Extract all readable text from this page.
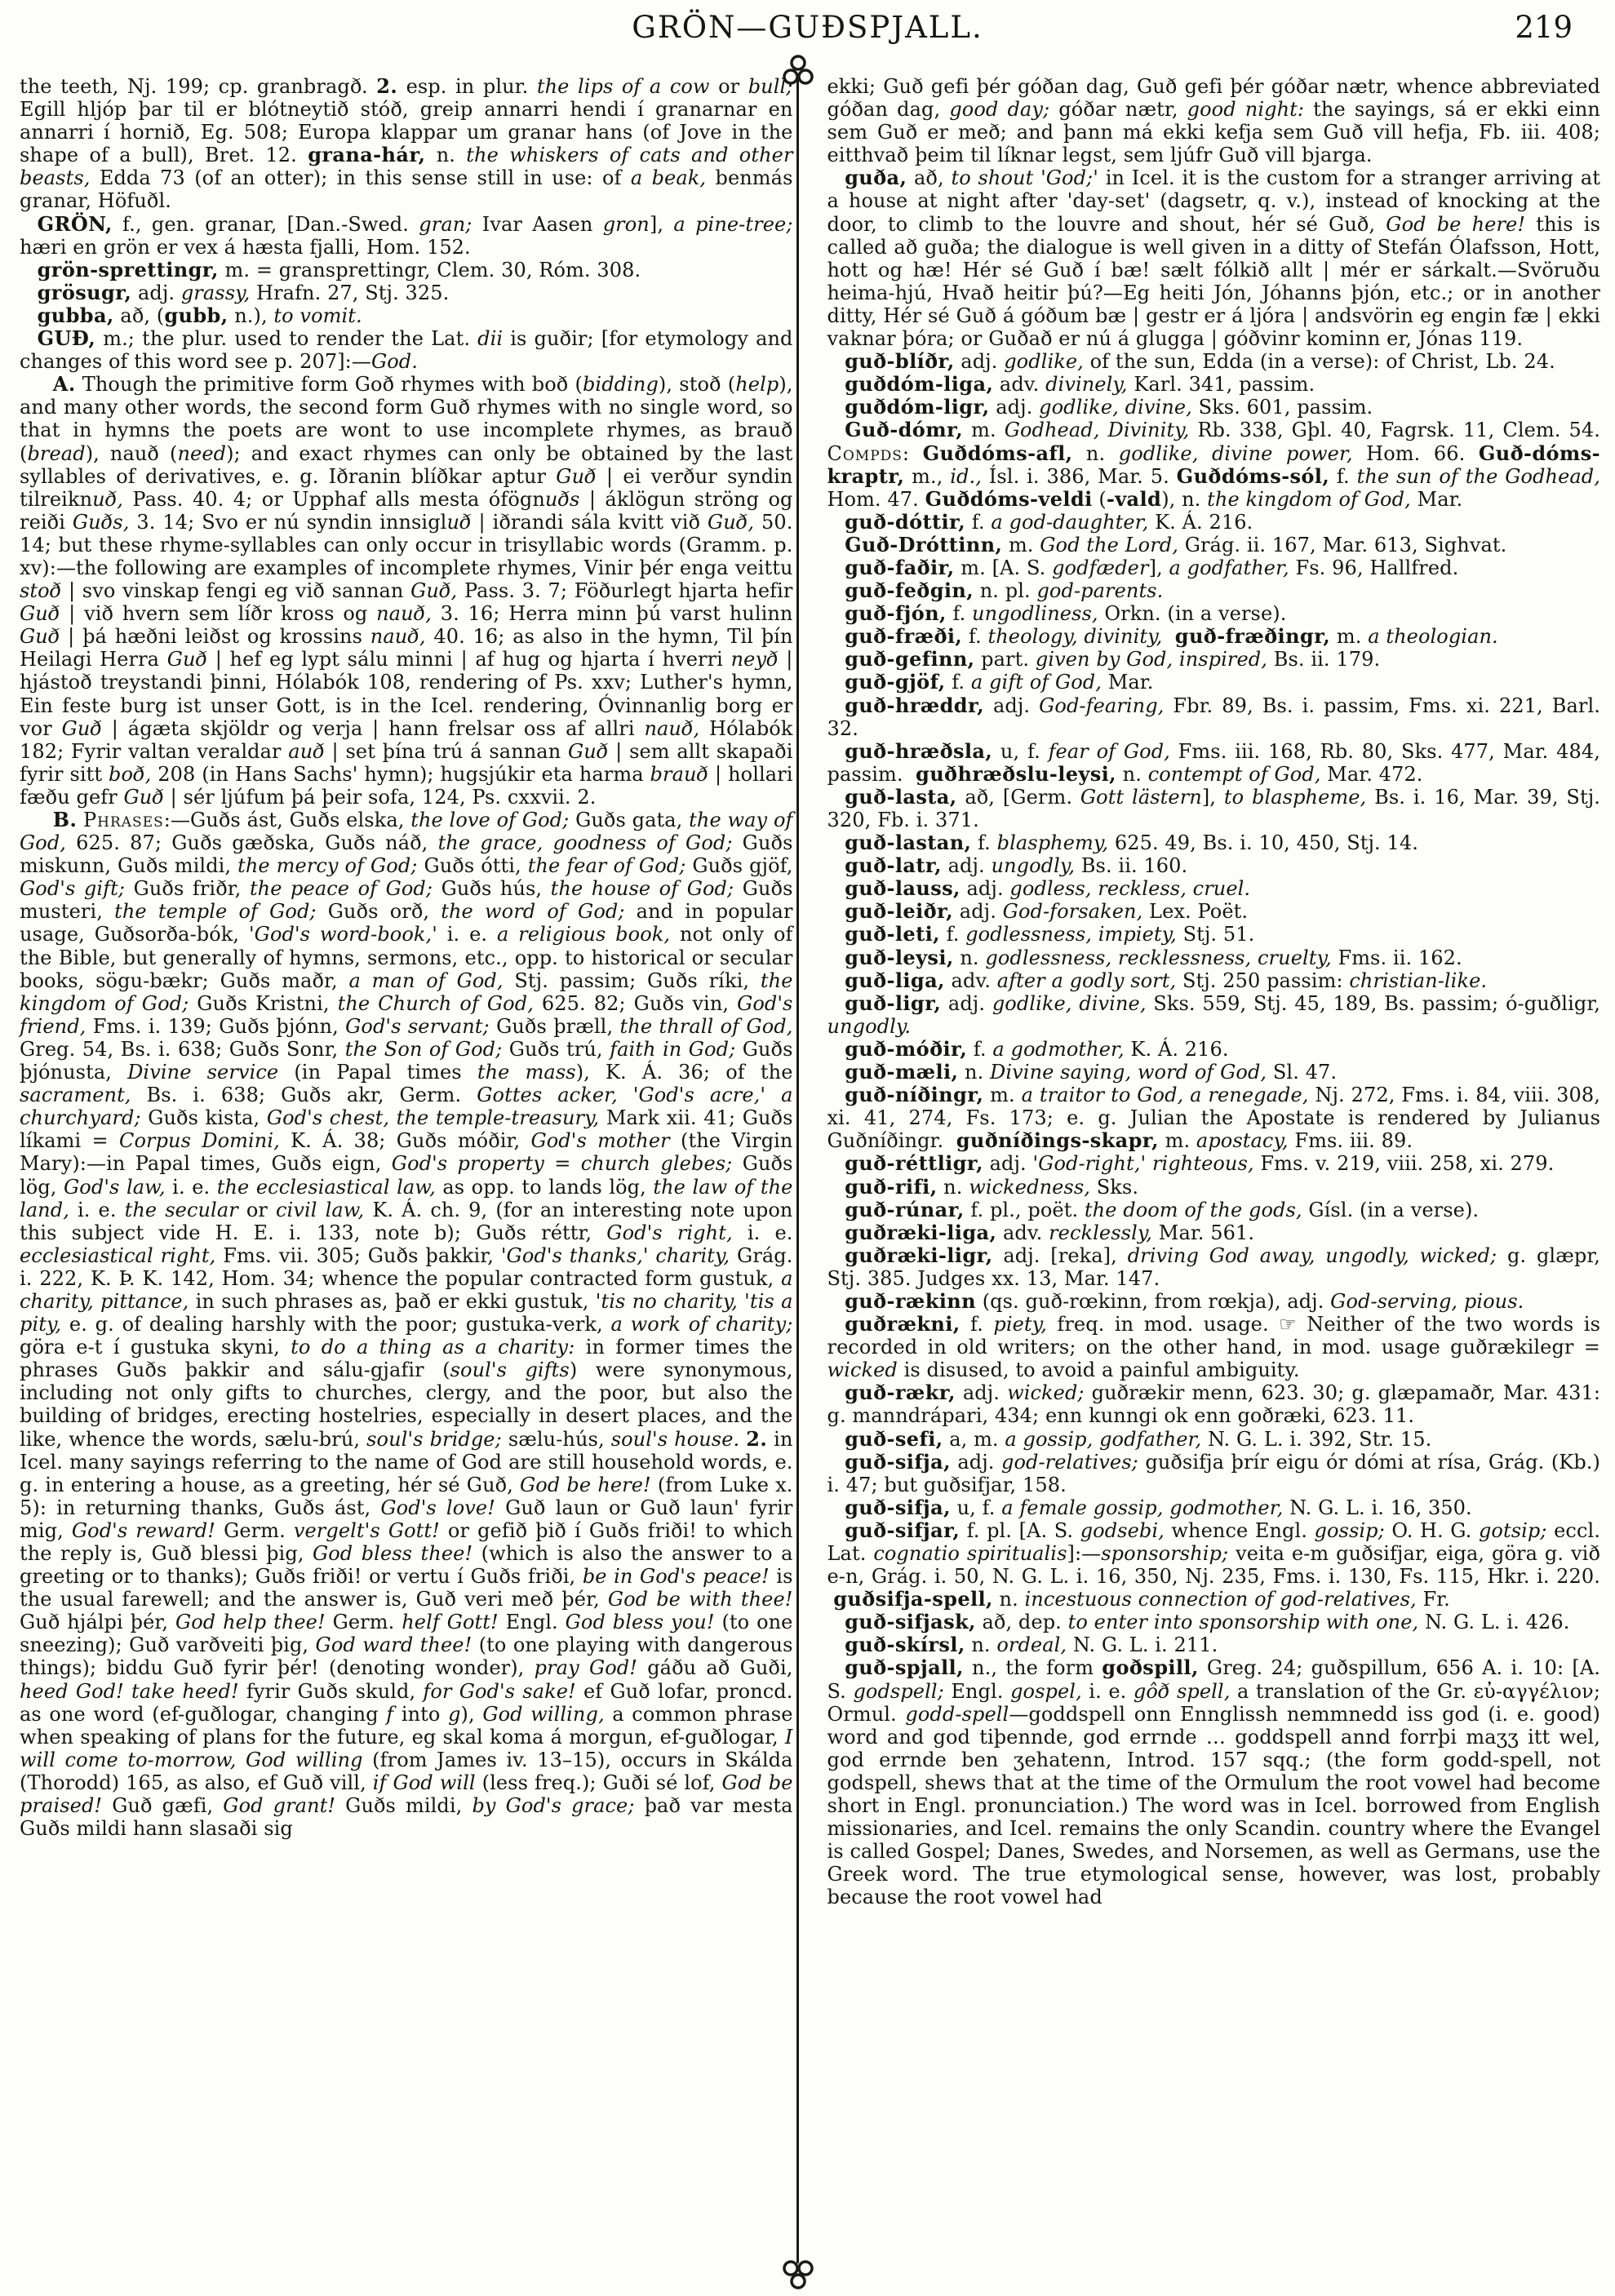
GRÖN—GUÐSPJALL.	219

the teeth, Nj. 199; cp. granbragð. 2. esp. in plur. the lips of a cow or bull; Egill hljóp þar til er blótneytið stóð, greip annarri hendi í granarnar en annarri í hornið, Eg. 508; Europa klappar um granar hans (of Jove in the shape of a bull), Bret. 12. grana-hár, n. the whiskers of cats and other beasts, Edda 73 (of an otter); in this sense still in use: of a beak, benmás granar, Höfuðl.

GRÖN, f., gen. granar, [Dan.-Swed. gran; Ivar Aasen gron], a pine-tree; hæri en grön er vex á hæsta fjalli, Hom. 152.

grön-sprettingr, m. = gransprettingr, Clem. 30, Róm. 308.

grösugr, adj. grassy, Hrafn. 27, Stj. 325.

gubba, að, (gubb, n.), to vomit.

GUÐ, m.; the plur. used to render the Lat. dii is guðir; [for etymology and changes of this word see p. 207]:—God.

A. Though the primitive form Goð rhymes with boð (bidding), stoð (help), and many other words, the second form Guð rhymes with no single word, so that in hymns the poets are wont to use incomplete rhymes, as brauð (bread), nauð (need); and exact rhymes can only be obtained by the last syllables of derivatives, e. g. Iðranin blíðkar aptur Guð | ei verður syndin tilreiknuð, Pass. 40. 4; or Upphaf alls mesta ófögnuðs | áklögun ströng og reiði Guðs, 3. 14; Svo er nú syndin innsigluð | iðrandi sála kvitt við Guð, 50. 14; but these rhyme-syllables can only occur in trisyllabic words (Gramm. p. xv):—the following are examples of incomplete rhymes, Vinir þér enga veittu stoð | svo vinskap fengi eg við sannan Guð, Pass. 3. 7; Föðurlegt hjarta hefir Guð | við hvern sem líðr kross og nauð, 3. 16; Herra minn þú varst hulinn Guð | þá hæðni leiðst og krossins nauð, 40. 16; as also in the hymn, Til þín Heilagi Herra Guð | hef eg lypt sálu minni | af hug og hjarta í hverri neyð | hjástoð treystandi þinni, Hólabók 108, rendering of Ps. xxv; Luther's hymn, Ein feste burg ist unser Gott, is in the Icel. rendering, Óvinnanlig borg er vor Guð | ágæta skjöldr og verja | hann frelsar oss af allri nauð, Hólabók 182; Fyrir valtan veraldar auð | set þína trú á sannan Guð | sem allt skapaði fyrir sitt boð, 208 (in Hans Sachs' hymn); hugsjúkir eta harma brauð | hollari fæðu gefr Guð | sér ljúfum þá þeir sofa, 124, Ps. cxxvii. 2.

B. Phrases:—Guðs ást, Guðs elska, the love of God; Guðs gata, the way of God, 625. 87; Guðs gæðska, Guðs náð, the grace, goodness of God; Guðs miskunn, Guðs mildi, the mercy of God; Guðs ótti, the fear of God; Guðs gjöf, God's gift; Guðs friðr, the peace of God; Guðs hús, the house of God; Guðs musteri, the temple of God; Guðs orð, the word of God; and in popular usage, Guðsorða-bók, 'God's word-book,' i. e. a religious book, not only of the Bible, but generally of hymns, sermons, etc., opp. to historical or secular books, sögu-bækr; Guðs maðr, a man of God, Stj. passim; Guðs ríki, the kingdom of God; Guðs Kristni, the Church of God, 625. 82; Guðs vin, God's friend, Fms. i. 139; Guðs þjónn, God's servant; Guðs þræll, the thrall of God, Greg. 54, Bs. i. 638; Guðs Sonr, the Son of God; Guðs trú, faith in God; Guðs þjónusta, Divine service (in Papal times the mass), K. Á. 36; of the sacrament, Bs. i. 638; Guðs akr, Germ. Gottes acker, 'God's acre,' a churchyard; Guðs kista, God's chest, the temple-treasury, Mark xii. 41; Guðs líkami = Corpus Domini, K. Á. 38; Guðs móðir, God's mother (the Virgin Mary):—in Papal times, Guðs eign, God's property = church glebes; Guðs lög, God's law, i. e. the ecclesiastical law, as opp. to lands lög, the law of the land, i. e. the secular or civil law, K. Á. ch. 9, (for an interesting note upon this subject vide H. E. i. 133, note b); Guðs réttr, God's right, i. e. ecclesiastical right, Fms. vii. 305; Guðs þakkir, 'God's thanks,' charity, Grág. i. 222, K. Þ. K. 142, Hom. 34; whence the popular contracted form gustuk, a charity, pittance, in such phrases as, það er ekki gustuk, 'tis no charity, 'tis a pity, e. g. of dealing harshly with the poor; gustuka-verk, a work of charity; göra e-t í gustuka skyni, to do a thing as a charity: in former times the phrases Guðs þakkir and sálu-gjafir (soul's gifts) were synonymous, including not only gifts to churches, clergy, and the poor, but also the building of bridges, erecting hostelries, especially in desert places, and the like, whence the words, sælu-brú, soul's bridge; sælu-hús, soul's house. 2. in Icel. many sayings referring to the name of God are still household words, e. g. in entering a house, as a greeting, hér sé Guð, God be here! (from Luke x. 5): in returning thanks, Guðs ást, God's love! Guð laun or Guð laun' fyrir mig, God's reward! Germ. vergelt's Gott! or gefið þið í Guðs friði! to which the reply is, Guð blessi þig, God bless thee! (which is also the answer to a greeting or to thanks); Guðs friði! or vertu í Guðs friði, be in God's peace! is the usual farewell; and the answer is, Guð veri með þér, God be with thee! Guð hjálpi þér, God help thee! Germ. helf Gott! Engl. God bless you! (to one sneezing); Guð varðveiti þig, God ward thee! (to one playing with dangerous things); biddu Guð fyrir þér! (denoting wonder), pray God! gáðu að Guði, heed God! take heed! fyrir Guðs skuld, for God's sake! ef Guð lofar, proncd. as one word (ef-guðlogar, changing f into g), God willing, a common phrase when speaking of plans for the future, eg skal koma á morgun, ef-guðlogar, I will come to-morrow, God willing (from James iv. 13–15), occurs in Skálda (Thorodd) 165, as also, ef Guð vill, if God will (less freq.); Guði sé lof, God be praised! Guð gæfi, God grant! Guðs mildi, by God's grace; það var mesta Guðs mildi hann slasaði sig

ekki; Guð gefi þér góðan dag, Guð gefi þér góðar nætr, whence abbreviated góðan dag, good day; góðar nætr, good night: the sayings, sá er ekki einn sem Guð er með; and þann má ekki kefja sem Guð vill hefja, Fb. iii. 408; eitthvað þeim til líknar legst, sem ljúfr Guð vill bjarga.

guða, að, to shout 'God;' in Icel. it is the custom for a stranger arriving at a house at night after 'day-set' (dagsetr, q. v.), instead of knocking at the door, to climb to the louvre and shout, hér sé Guð, God be here! this is called að guða; the dialogue is well given in a ditty of Stefán Ólafsson, Hott, hott og hæ! Hér sé Guð í bæ! sælt fólkið allt | mér er sárkalt.—Svöruðu heima-hjú, Hvað heitir þú?—Eg heiti Jón, Jóhanns þjón, etc.; or in another ditty, Hér sé Guð á góðum bæ | gestr er á ljóra | andsvörin eg engin fæ | ekki vaknar þóra; or Guðað er nú á glugga | góðvinr kominn er, Jónas 119.

guð-blíðr, adj. godlike, of the sun, Edda (in a verse): of Christ, Lb. 24.

guðdóm-liga, adv. divinely, Karl. 341, passim.

guðdóm-ligr, adj. godlike, divine, Sks. 601, passim.

Guð-dómr, m. Godhead, Divinity, Rb. 338, Gþl. 40, Fagrsk. 11, Clem. 54. Compds: Guðdóms-afl, n. godlike, divine power, Hom. 66. Guð-dóms-kraptr, m., id., Ísl. i. 386, Mar. 5. Guðdóms-sól, f. the sun of the Godhead, Hom. 47. Guðdóms-veldi (-vald), n. the kingdom of God, Mar.

guð-dóttir, f. a god-daughter, K. Á. 216.

Guð-Dróttinn, m. God the Lord, Grág. ii. 167, Mar. 613, Sighvat.

guð-faðir, m. [A. S. godfæder], a godfather, Fs. 96, Hallfred.

guð-feðgin, n. pl. god-parents.

guð-fjón, f. ungodliness, Orkn. (in a verse).

guð-fræði, f. theology, divinity, guð-fræðingr, m. a theologian.

guð-gefinn, part. given by God, inspired, Bs. ii. 179.

guð-gjöf, f. a gift of God, Mar.

guð-hræddr, adj. God-fearing, Fbr. 89, Bs. i. passim, Fms. xi. 221, Barl. 32.

guð-hræðsla, u, f. fear of God, Fms. iii. 168, Rb. 80, Sks. 477, Mar. 484, passim.  guðhræðslu-leysi, n. contempt of God, Mar. 472.

guð-lasta, að, [Germ. Gott lästern], to blaspheme, Bs. i. 16, Mar. 39, Stj. 320, Fb. i. 371.

guð-lastan, f. blasphemy, 625. 49, Bs. i. 10, 450, Stj. 14.

guð-latr, adj. ungodly, Bs. ii. 160.

guð-lauss, adj. godless, reckless, cruel.

guð-leiðr, adj. God-forsaken, Lex. Poët.

guð-leti, f. godlessness, impiety, Stj. 51.

guð-leysi, n. godlessness, recklessness, cruelty, Fms. ii. 162.

guð-liga, adv. after a godly sort, Stj. 250 passim: christian-like.

guð-ligr, adj. godlike, divine, Sks. 559, Stj. 45, 189, Bs. passim; ó-guðligr, ungodly.

guð-móðir, f. a godmother, K. Á. 216.

guð-mæli, n. Divine saying, word of God, Sl. 47.

guð-níðingr, m. a traitor to God, a renegade, Nj. 272, Fms. i. 84, viii. 308, xi. 41, 274, Fs. 173; e. g. Julian the Apostate is rendered by Julianus Guðníðingr.  guðníðings-skapr, m. apostacy, Fms. iii. 89.

guð-réttligr, adj. 'God-right,' righteous, Fms. v. 219, viii. 258, xi. 279.

guð-rifi, n. wickedness, Sks.

guð-rúnar, f. pl., poët. the doom of the gods, Gísl. (in a verse).

guðræki-liga, adv. recklessly, Mar. 561.

guðræki-ligr, adj. [reka], driving God away, ungodly, wicked; g. glæpr, Stj. 385. Judges xx. 13, Mar. 147.

guð-rækinn (qs. guð-rœkinn, from rœkja), adj. God-serving, pious.

guðrækni, f. piety, freq. in mod. usage. ☞ Neither of the two words is recorded in old writers; on the other hand, in mod. usage guðrækilegr = wicked is disused, to avoid a painful ambiguity.

guð-rækr, adj. wicked; guðrækir menn, 623. 30; g. glæpamaðr, Mar. 431: g. manndrápari, 434; enn kunngi ok enn goðræki, 623. 11.

guð-sefi, a, m. a gossip, godfather, N. G. L. i. 392, Str. 15.

guð-sifja, adj. god-relatives; guðsifja þrír eigu ór dómi at rísa, Grág. (Kb.) i. 47; but guðsifjar, 158.

guð-sifja, u, f. a female gossip, godmother, N. G. L. i. 16, 350.

guð-sifjar, f. pl. [A. S. godsebi, whence Engl. gossip; O. H. G. gotsip; eccl. Lat. cognatio spiritualis]:—sponsorship; veita e-m guðsifjar, eiga, göra g. við e-n, Grág. i. 50, N. G. L. i. 16, 350, Nj. 235, Fms. i. 130, Fs. 115, Hkr. i. 220.  guðsifja-spell, n. incestuous connection of god-relatives, Fr.

guð-sifjask, að, dep. to enter into sponsorship with one, N. G. L. i. 426.

guð-skírsl, n. ordeal, N. G. L. i. 211.

guð-spjall, n., the form goðspill, Greg. 24; guðspillum, 656 A. i. 10: [A. S. godspell; Engl. gospel, i. e. gôð spell, a translation of the Gr. εὐ-αγγέλιον; Ormul. godd-spell—goddspell onn Ennglissh nemmnedd iss god (i. e. good) word and god tiþennde, god errnde … goddspell annd forrþi maʒʒ itt wel, god errnde ben ʒehatenn, Introd. 157 sqq.; (the form godd-spell, not godspell, shews that at the time of the Ormulum the root vowel had become short in Engl. pronunciation.) The word was in Icel. borrowed from English missionaries, and Icel. remains the only Scandin. country where the Evangel is called Gospel; Danes, Swedes, and Norsemen, as well as Germans, use the Greek word. The true etymological sense, however, was lost, probably because the root vowel had
